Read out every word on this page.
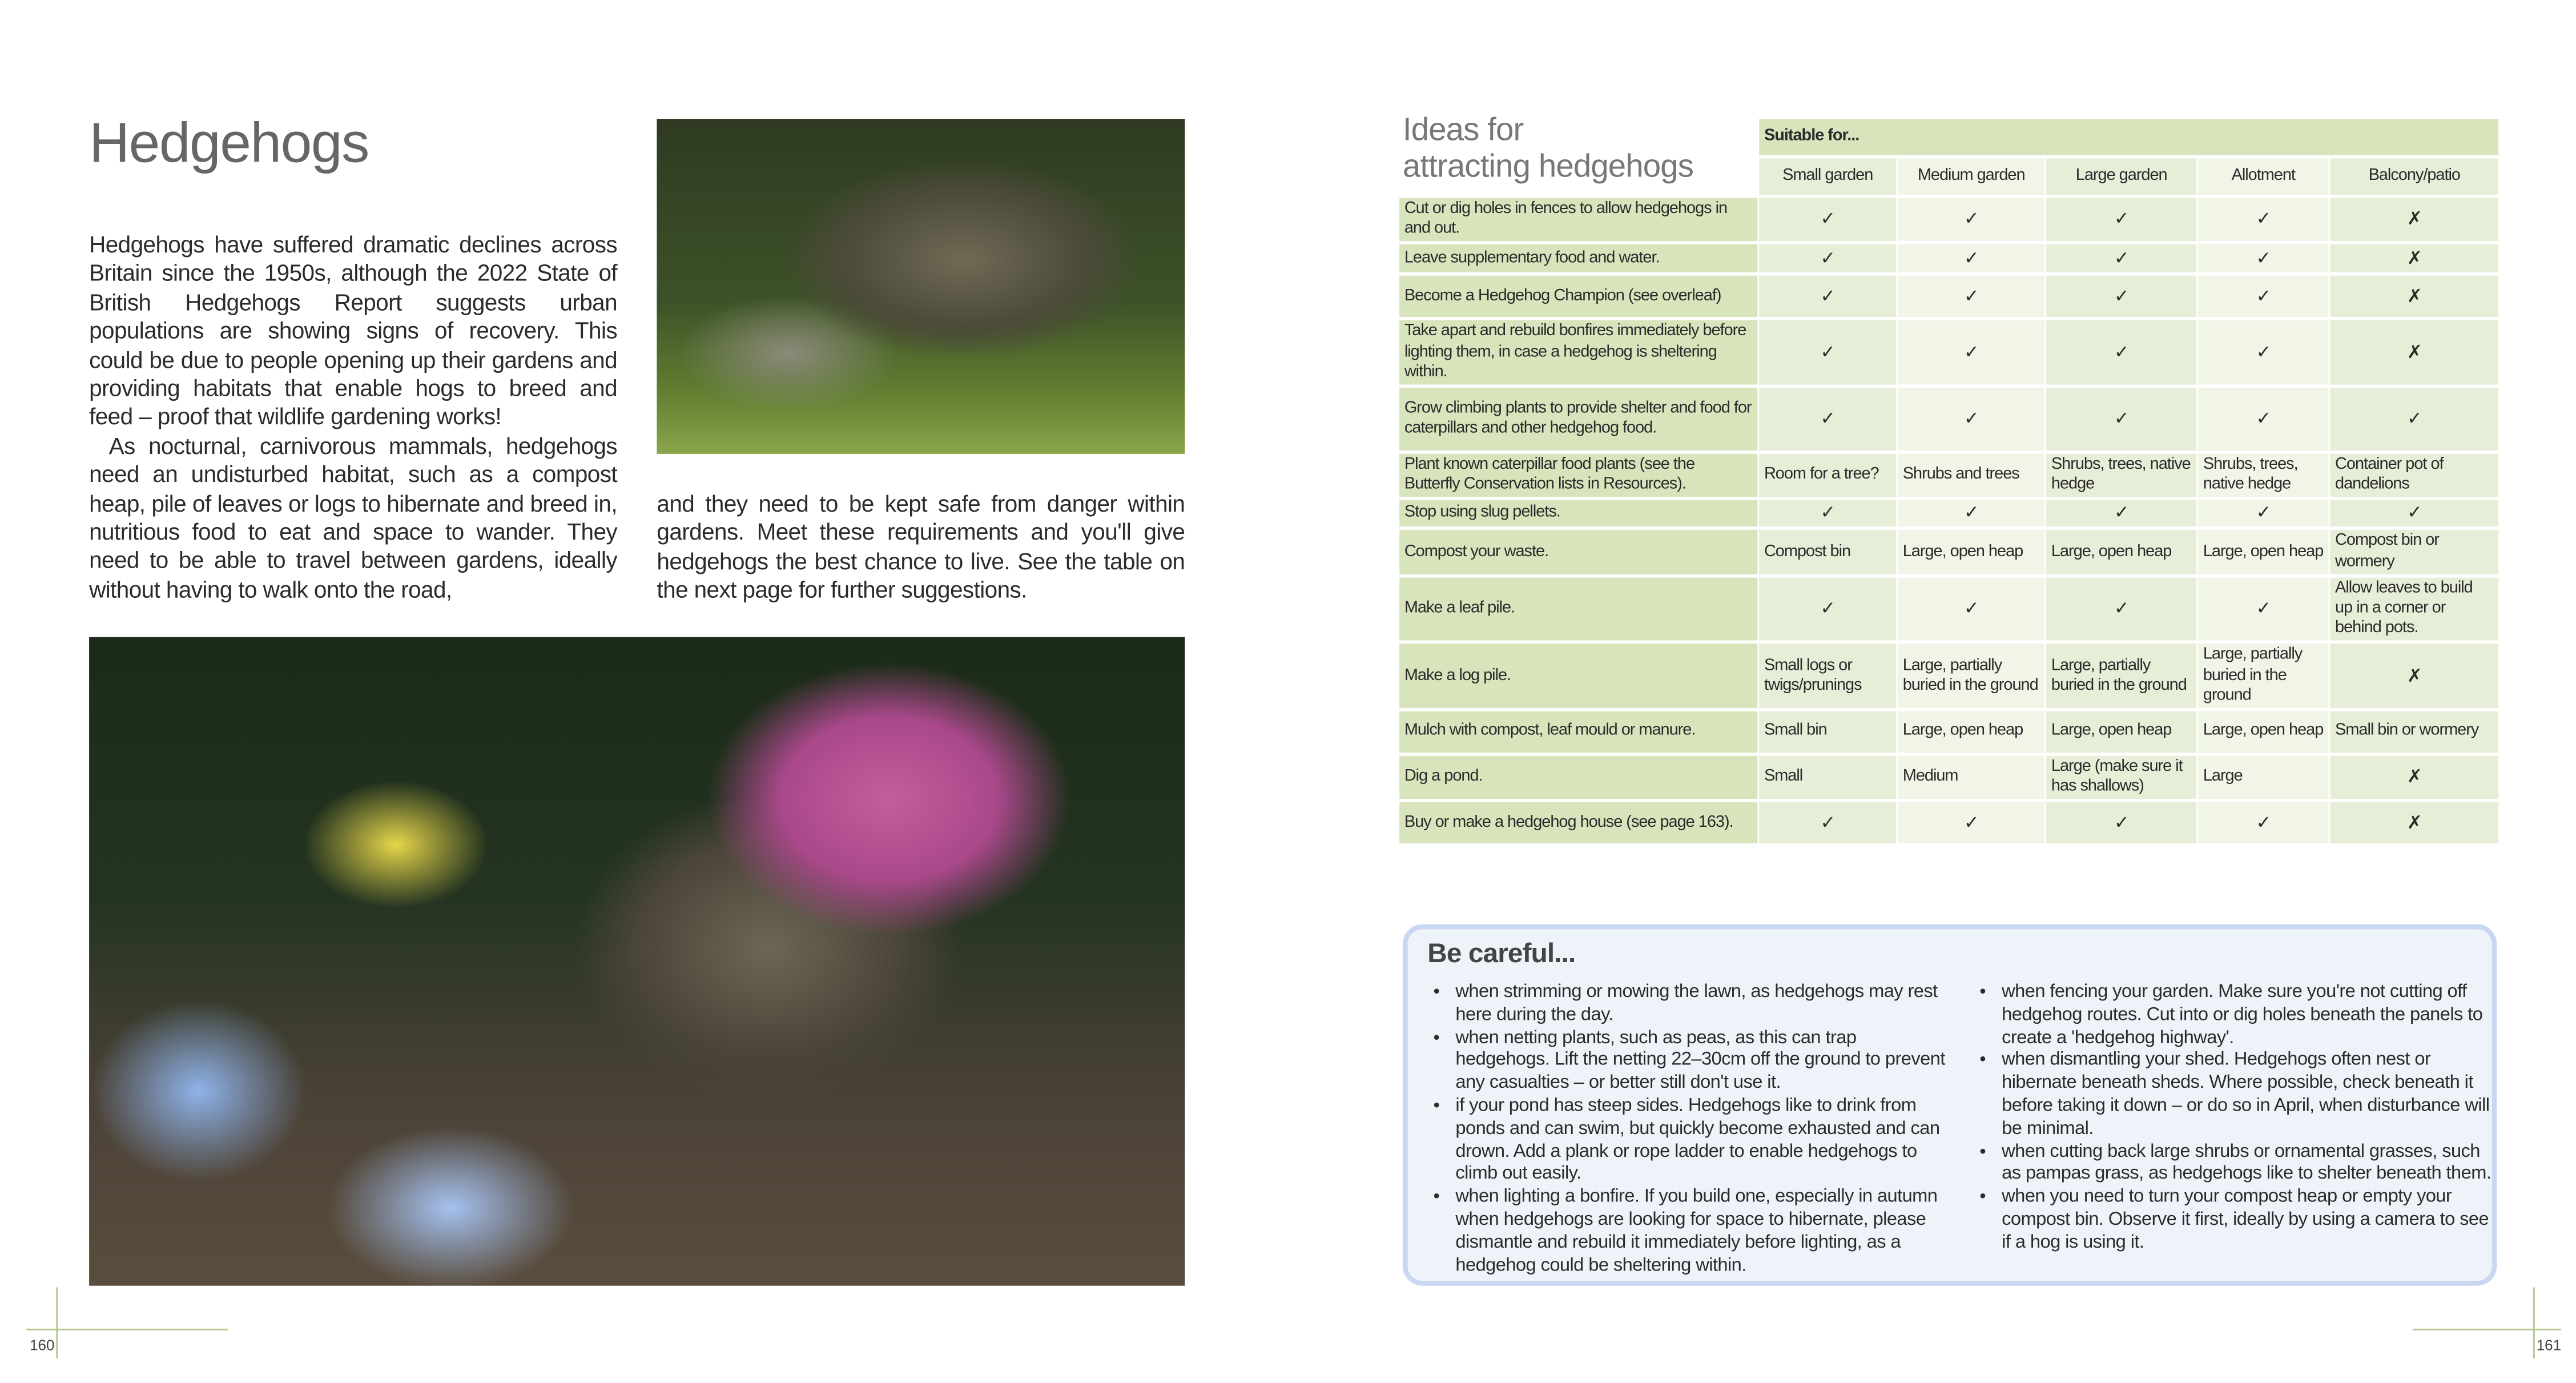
Hedgehogs

Hedgehogs have suffered dramatic declines across Britain since the 1950s, although the 2022 State of British Hedgehogs Report suggests urban populations are showing signs of recovery. This could be due to people opening up their gardens and providing habitats that enable hogs to breed and feed – proof that wildlife gardening works!

As nocturnal, carnivorous mammals, hedgehogs need an undisturbed habitat, such as a compost heap, pile of leaves or logs to hibernate and breed in, nutritious food to eat and space to wander. They need to be able to travel between gardens, ideally without having to walk onto the road,

and they need to be kept safe from danger within gardens. Meet these requirements and you'll give hedgehogs the best chance to live. See the table on the next page for further suggestions.

Ideas for
attracting hedgehogs
	Suitable for...				
	Small garden	Medium garden	Large garden	Allotment	Balcony/patio
Cut or dig holes in fences to allow hedgehogs in and out.	✓	✓	✓	✓	✗
Leave supplementary food and water.	✓	✓	✓	✓	✗
Become a Hedgehog Champion (see overleaf)	✓	✓	✓	✓	✗
Take apart and rebuild bonfires immediately before lighting them, in case a hedgehog is sheltering within.	✓	✓	✓	✓	✗
Grow climbing plants to provide shelter and food for caterpillars and other hedgehog food.	✓	✓	✓	✓	✓
Plant known caterpillar food plants (see the Butterfly Conservation lists in Resources).	Room for a tree?	Shrubs and trees	Shrubs, trees, native hedge	Shrubs, trees, native hedge	Container pot of dandelions
Stop using slug pellets.	✓	✓	✓	✓	✓
Compost your waste.	Compost bin	Large, open heap	Large, open heap	Large, open heap	Compost bin or wormery
Make a leaf pile.	✓	✓	✓	✓	Allow leaves to build up in a corner or behind pots.
Make a log pile.	Small logs or twigs/prunings	Large, partially buried in the ground	Large, partially buried in the ground	Large, partially buried in the ground	✗
Mulch with compost, leaf mould or manure.	Small bin	Large, open heap	Large, open heap	Large, open heap	Small bin or wormery
Dig a pond.	Small	Medium	Large (make sure it has shallows)	Large	✗
Buy or make a hedgehog house (see page 163).	✓	✓	✓	✓	✗
Be careful...
• when strimming or mowing the lawn, as hedgehogs may rest here during the day.
• when netting plants, such as peas, as this can trap hedgehogs. Lift the netting 22–30cm off the ground to prevent any casualties – or better still don't use it.
• if your pond has steep sides. Hedgehogs like to drink from ponds and can swim, but quickly become exhausted and can drown. Add a plank or rope ladder to enable hedgehogs to climb out easily.
• when lighting a bonfire. If you build one, especially in autumn when hedgehogs are looking for space to hibernate, please dismantle and rebuild it immediately before lighting, as a hedgehog could be sheltering within.
• when fencing your garden. Make sure you're not cutting off hedgehog routes. Cut into or dig holes beneath the panels to create a 'hedgehog highway'.
• when dismantling your shed. Hedgehogs often nest or hibernate beneath sheds. Where possible, check beneath it before taking it down – or do so in April, when disturbance will be minimal.
• when cutting back large shrubs or ornamental grasses, such as pampas grass, as hedgehogs like to shelter beneath them.
• when you need to turn your compost heap or empty your compost bin. Observe it first, ideally by using a camera to see if a hog is using it.
160	161
